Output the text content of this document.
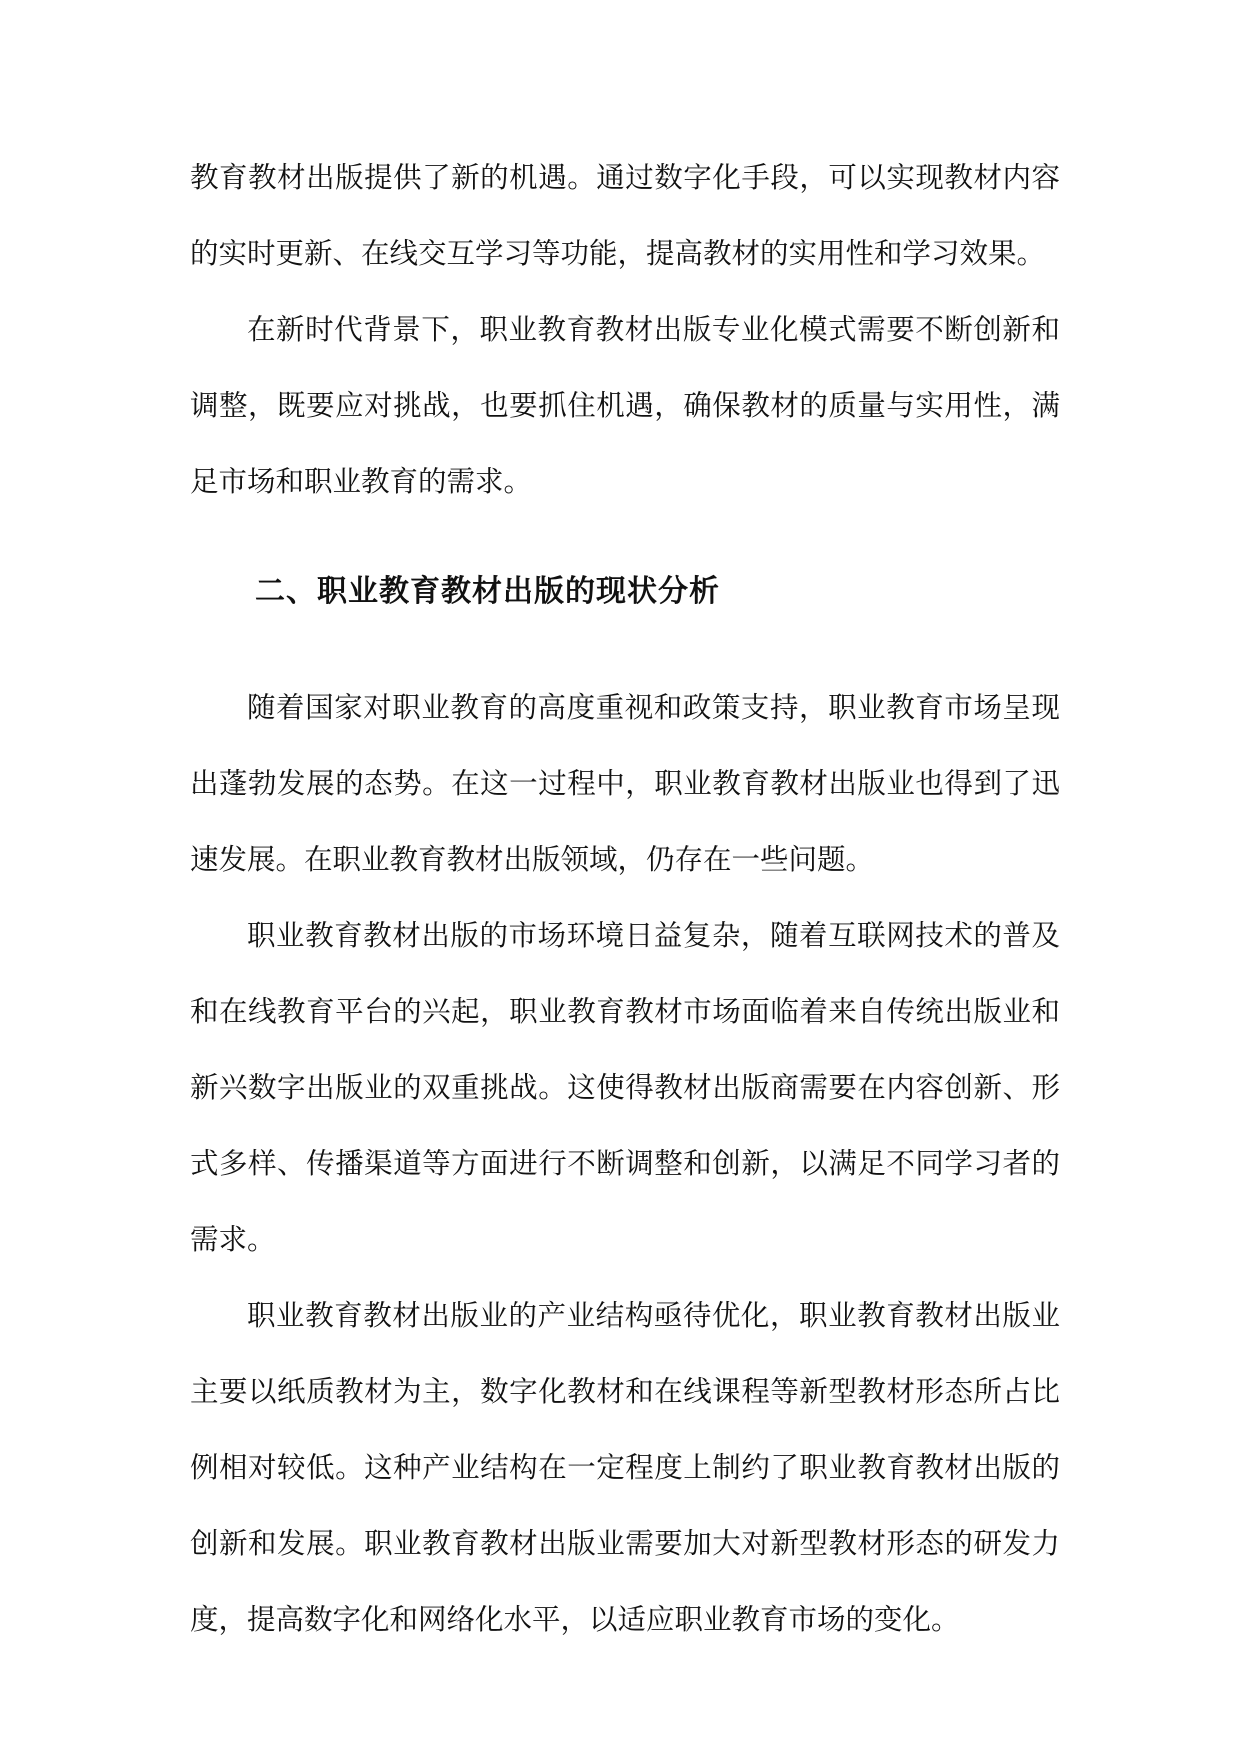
教育教材出版提供了新的机遇。通过数字化手段，可以实现教材内容的实时更新、在线交互学习等功能，提高教材的实用性和学习效果。

在新时代背景下，职业教育教材出版专业化模式需要不断创新和调整，既要应对挑战，也要抓住机遇，确保教材的质量与实用性，满足市场和职业教育的需求。

二、职业教育教材出版的现状分析

随着国家对职业教育的高度重视和政策支持，职业教育市场呈现出蓬勃发展的态势。在这一过程中，职业教育教材出版业也得到了迅速发展。在职业教育教材出版领域，仍存在一些问题。

职业教育教材出版的市场环境日益复杂，随着互联网技术的普及和在线教育平台的兴起，职业教育教材市场面临着来自传统出版业和新兴数字出版业的双重挑战。这使得教材出版商需要在内容创新、形式多样、传播渠道等方面进行不断调整和创新，以满足不同学习者的需求。

职业教育教材出版业的产业结构亟待优化，职业教育教材出版业主要以纸质教材为主，数字化教材和在线课程等新型教材形态所占比例相对较低。这种产业结构在一定程度上制约了职业教育教材出版的创新和发展。职业教育教材出版业需要加大对新型教材形态的研发力度，提高数字化和网络化水平，以适应职业教育市场的变化。
